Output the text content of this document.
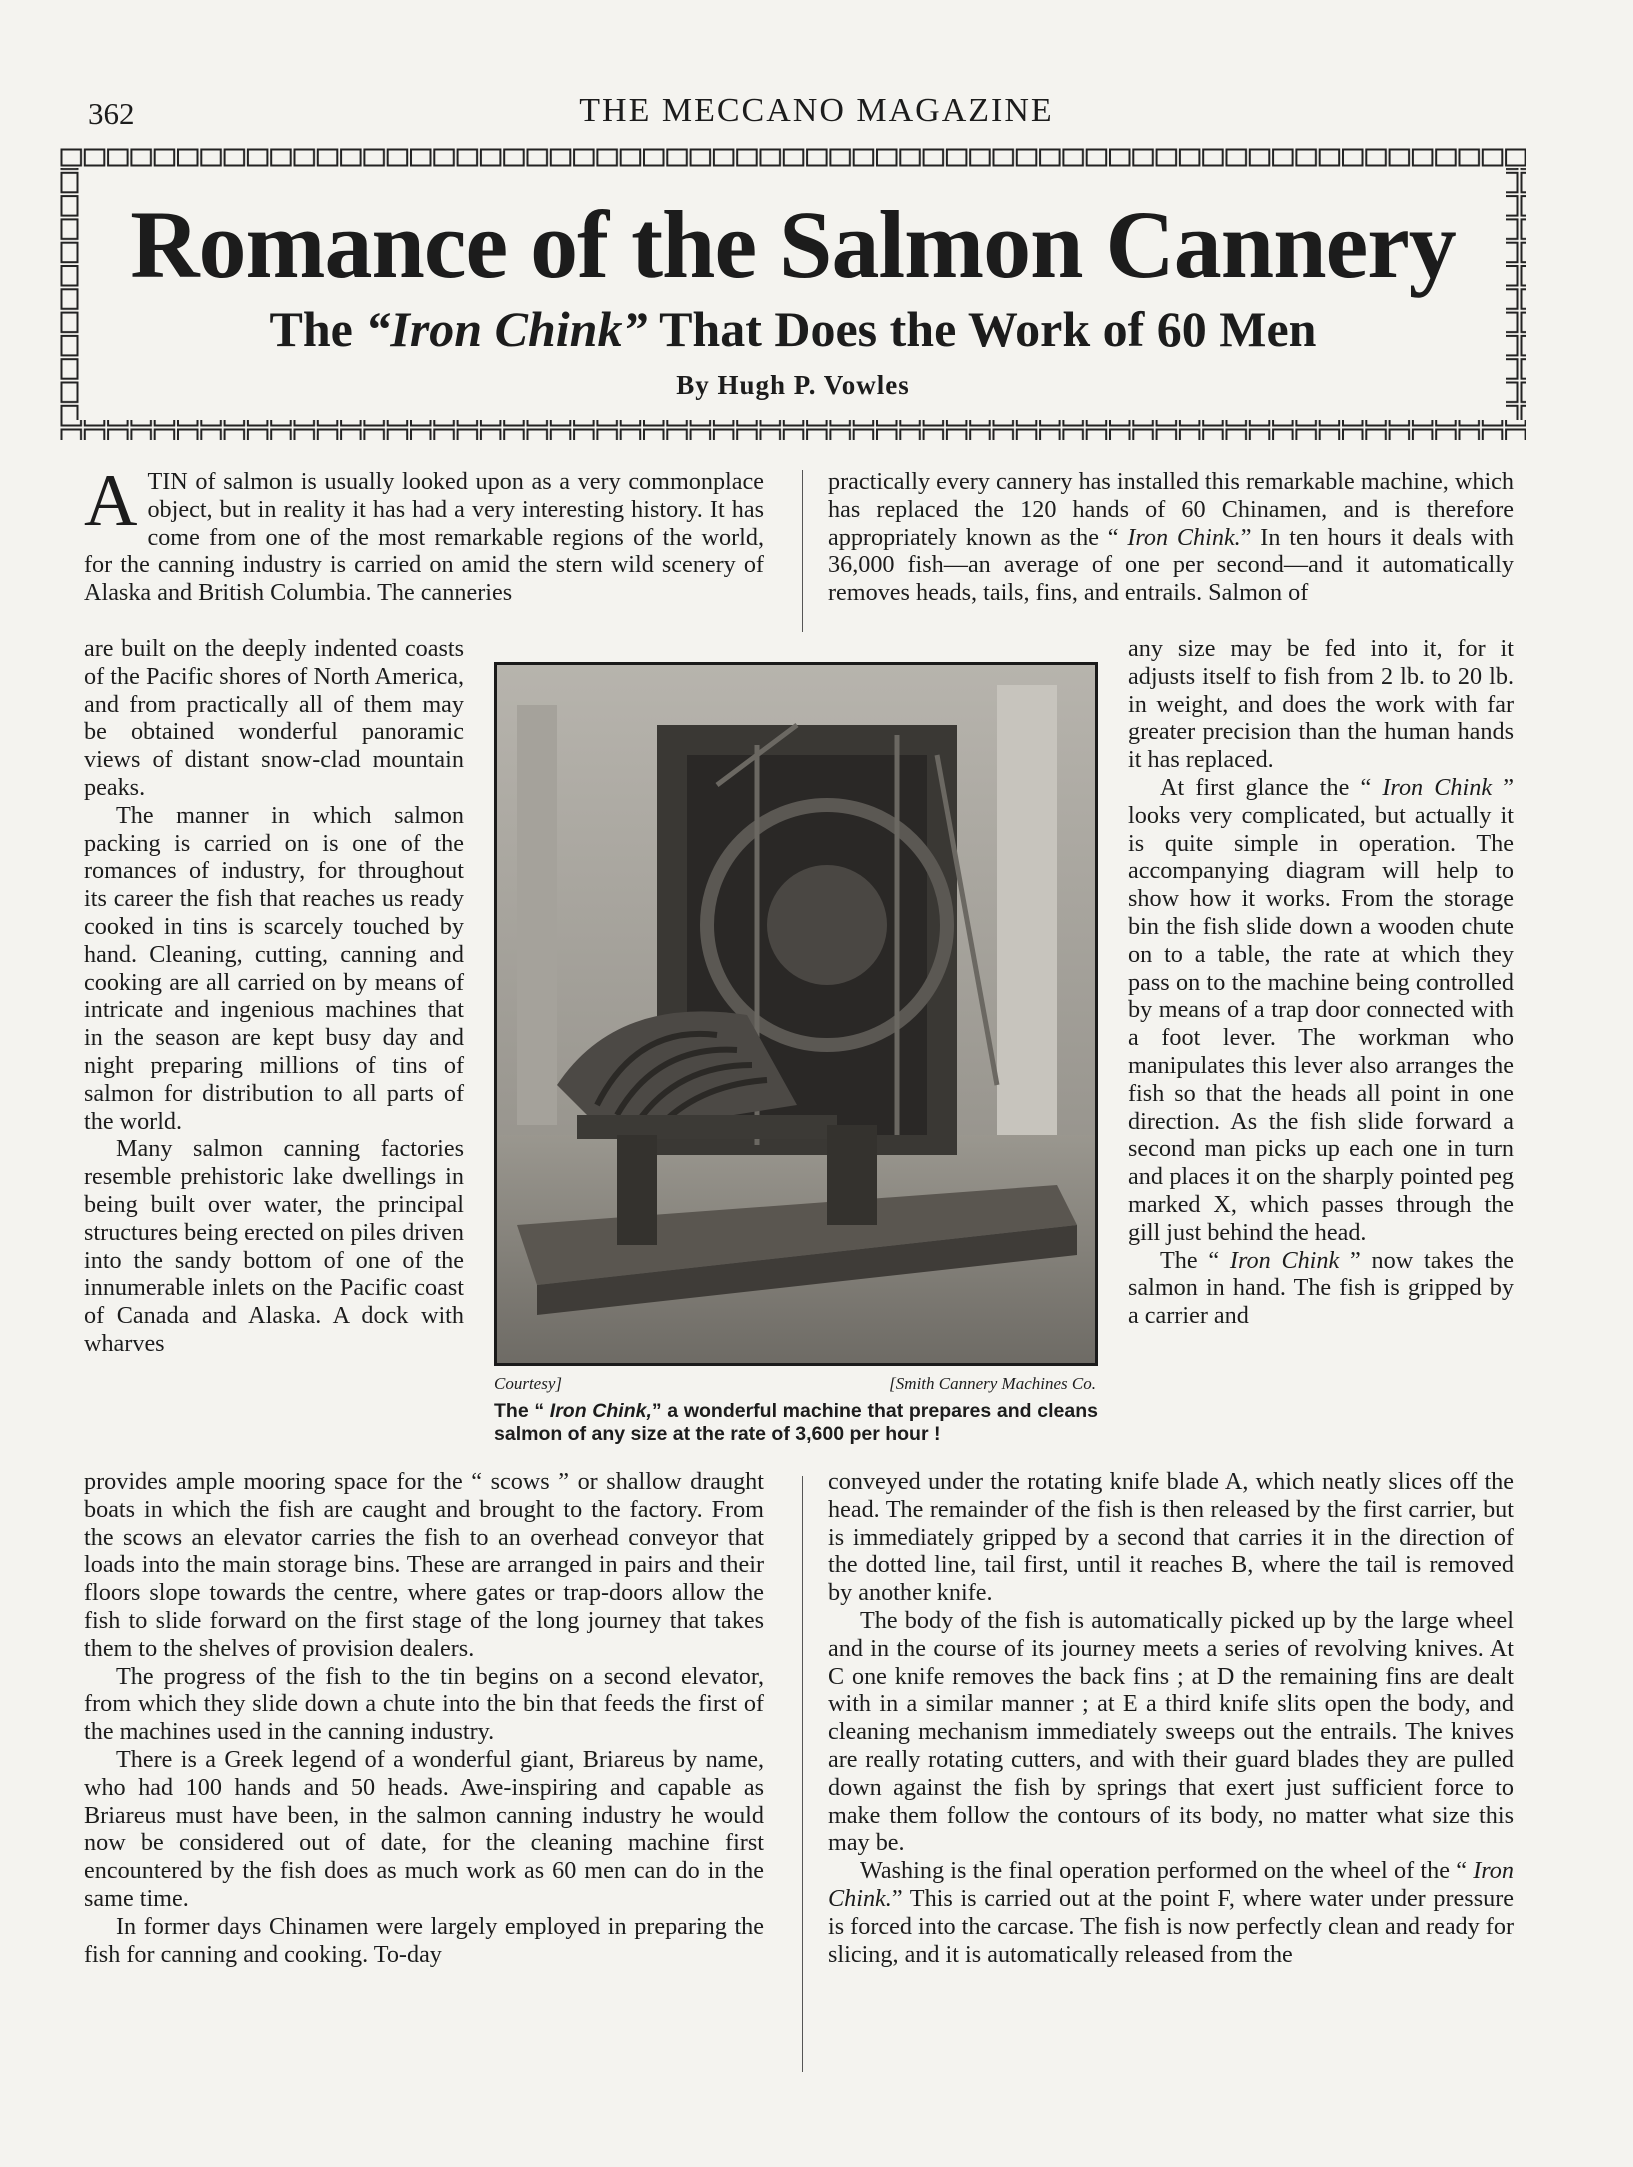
362	THE MECCANO MAGAZINE
Romance of the Salmon Cannery
The “Iron Chink” That Does the Work of 60 Men
By Hugh P. Vowles

A TIN of salmon is usually looked upon as a very commonplace object, but in reality it has had a very interesting history. It has come from one of the most remarkable regions of the world, for the canning industry is carried on amid the stern wild scenery of Alaska and British Columbia. The canneries

practically every cannery has installed this remarkable machine, which has replaced the 120 hands of 60 Chinamen, and is therefore appropriately known as the “ Iron Chink.” In ten hours it deals with 36,000 fish—an average of one per second—and it automatically removes heads, tails, fins, and entrails. Salmon of

are built on the deeply indented coasts of the Pacific shores of North America, and from practically all of them may be obtained wonderful panoramic views of distant snow-clad mountain peaks.

The manner in which salmon packing is carried on is one of the romances of industry, for throughout its career the fish that reaches us ready cooked in tins is scarcely touched by hand. Cleaning, cutting, canning and cooking are all carried on by means of intricate and ingenious machines that in the season are kept busy day and night preparing millions of tins of salmon for distribution to all parts of the world.

Many salmon canning factories resemble prehistoric lake dwellings in being built over water, the principal structures being erected on piles driven into the sandy bottom of one of the innumerable inlets on the Pacific coast of Canada and Alaska. A dock with wharves

Courtesy]	[Smith Cannery Machines Co.
The “ Iron Chink,” a wonderful machine that prepares and cleans salmon of any size at the rate of 3,600 per hour !

any size may be fed into it, for it adjusts itself to fish from 2 lb. to 20 lb. in weight, and does the work with far greater precision than the human hands it has replaced.

At first glance the “ Iron Chink ” looks very complicated, but actually it is quite simple in operation. The accompanying diagram will help to show how it works. From the storage bin the fish slide down a wooden chute on to a table, the rate at which they pass on to the machine being controlled by means of a trap door connected with a foot lever. The workman who manipulates this lever also arranges the fish so that the heads all point in one direction. As the fish slide forward a second man picks up each one in turn and places it on the sharply pointed peg marked X, which passes through the gill just behind the head.

The “ Iron Chink ” now takes the salmon in hand. The fish is gripped by a carrier and

provides ample mooring space for the “ scows ” or shallow draught boats in which the fish are caught and brought to the factory. From the scows an elevator carries the fish to an overhead conveyor that loads into the main storage bins. These are arranged in pairs and their floors slope towards the centre, where gates or trap-doors allow the fish to slide forward on the first stage of the long journey that takes them to the shelves of provision dealers.

The progress of the fish to the tin begins on a second elevator, from which they slide down a chute into the bin that feeds the first of the machines used in the canning industry.

There is a Greek legend of a wonderful giant, Briareus by name, who had 100 hands and 50 heads. Awe-inspiring and capable as Briareus must have been, in the salmon canning industry he would now be considered out of date, for the cleaning machine first encountered by the fish does as much work as 60 men can do in the same time.

In former days Chinamen were largely employed in preparing the fish for canning and cooking. To-day

conveyed under the rotating knife blade A, which neatly slices off the head. The remainder of the fish is then released by the first carrier, but is immediately gripped by a second that carries it in the direction of the dotted line, tail first, until it reaches B, where the tail is removed by another knife.

The body of the fish is automatically picked up by the large wheel and in the course of its journey meets a series of revolving knives. At C one knife removes the back fins ; at D the remaining fins are dealt with in a similar manner ; at E a third knife slits open the body, and cleaning mechanism immediately sweeps out the entrails. The knives are really rotating cutters, and with their guard blades they are pulled down against the fish by springs that exert just sufficient force to make them follow the contours of its body, no matter what size this may be.

Washing is the final operation performed on the wheel of the “ Iron Chink.” This is carried out at the point F, where water under pressure is forced into the carcase. The fish is now perfectly clean and ready for slicing, and it is automatically released from the
